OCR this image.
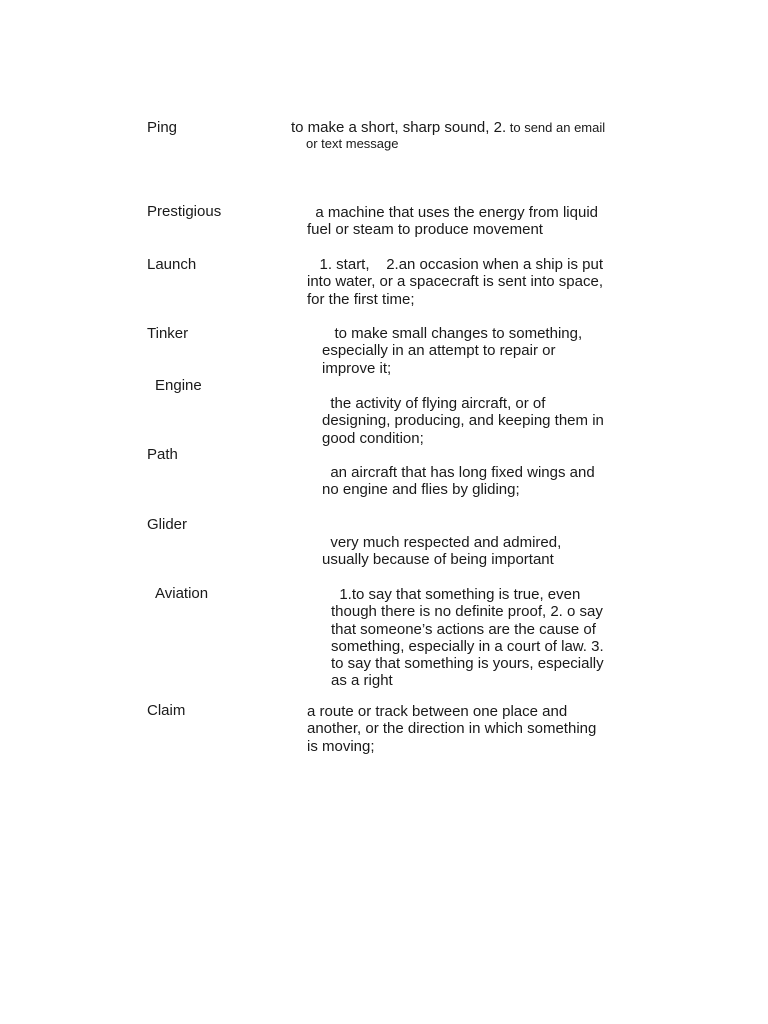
Ping
Prestigious
Launch
Tinker
Engine
Path
Glider
Aviation
Claim
to make a short, sharp sound, 2. to send an email
or text message
a machine that uses the energy from liquid
fuel or steam to produce movement
1. start,    2.an occasion when a ship is put
into water, or a spacecraft is sent into space,
for the first time;
to make small changes to something,
especially in an attempt to repair or
improve it;
the activity of flying aircraft, or of
designing, producing, and keeping them in
good condition;
an aircraft that has long fixed wings and
no engine and flies by gliding;
very much respected and admired,
usually because of being important
1.to say that something is true, even
though there is no definite proof, 2. o say
that someone’s actions are the cause of
something, especially in a court of law. 3.
to say that something is yours, especially
as a right
a route or track between one place and
another, or the direction in which something
is moving;
